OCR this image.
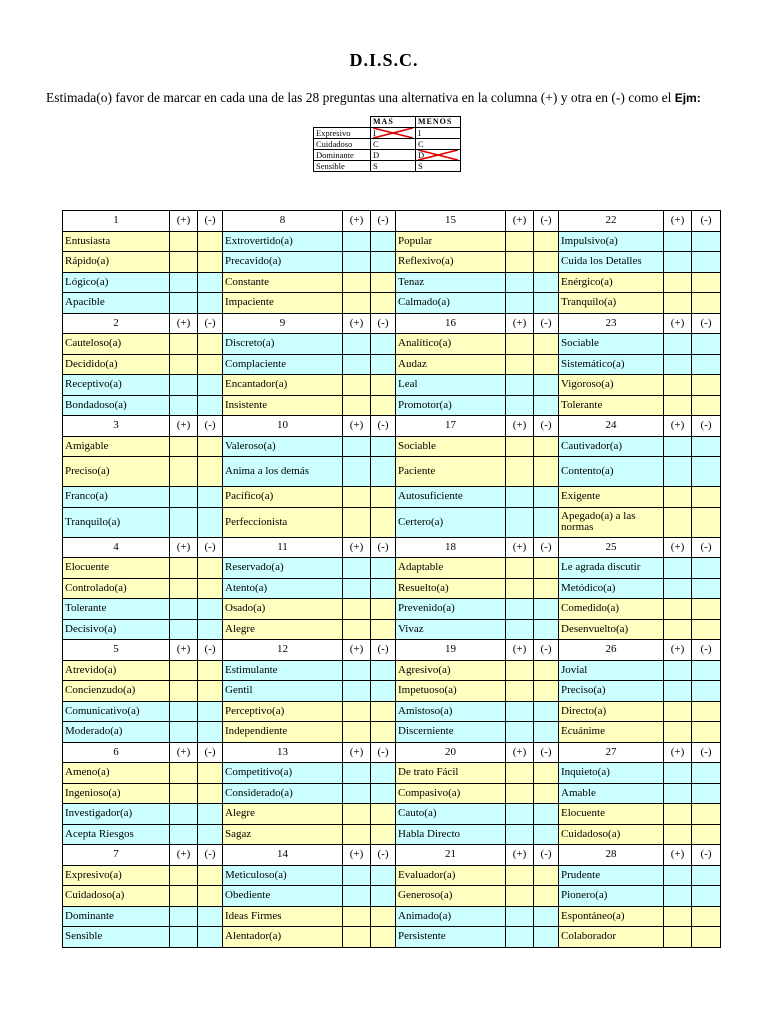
D.I.S.C.
Estimada(o) favor de marcar en cada una de las 28 preguntas una alternativa en la columna (+) y otra en (-) como el Ejm:
	MAS	MENOS
Expresivo	I	I
Cuidadoso	C	C
Dominante	D	D

Sensible	S	S
1	(+)	(-)	8	(+)	(-)	15	(+)	(-)	22	(+)	(-)
Entusiasta			Extrovertido(a)			Popular			Impulsivo(a)		
Rápido(a)			Precavido(a)			Reflexivo(a)			Cuida los Detalles		
Lógico(a)			Constante			Tenaz			Enérgico(a)		
Apacible			Impaciente			Calmado(a)			Tranquilo(a)		
2	(+)	(-)	9	(+)	(-)	16	(+)	(-)	23	(+)	(-)
Cauteloso(a)			Discreto(a)			Analítico(a)			Sociable		
Decidido(a)			Complaciente			Audaz			Sistemático(a)		
Receptivo(a)			Encantador(a)			Leal			Vigoroso(a)		
Bondadoso(a)			Insistente			Promotor(a)			Tolerante		
3	(+)	(-)	10	(+)	(-)	17	(+)	(-)	24	(+)	(-)
Amigable			Valeroso(a)			Sociable			Cautivador(a)		
Preciso(a)			Anima a los demás			Paciente			Contento(a)		
Franco(a)			Pacífico(a)			Autosuficiente			Exigente		
Tranquilo(a)			Perfeccionista			Certero(a)			Apegado(a) a las normas		
4	(+)	(-)	11	(+)	(-)	18	(+)	(-)	25	(+)	(-)
Elocuente			Reservado(a)			Adaptable			Le agrada discutir		
Controlado(a)			Atento(a)			Resuelto(a)			Metódico(a)		
Tolerante			Osado(a)			Prevenido(a)			Comedido(a)		
Decisivo(a)			Alegre			Vivaz			Desenvuelto(a)		
5	(+)	(-)	12	(+)	(-)	19	(+)	(-)	26	(+)	(-)
Atrevido(a)			Estimulante			Agresivo(a)			Jovial		
Concienzudo(a)			Gentil			Impetuoso(a)			Preciso(a)		
Comunicativo(a)			Perceptivo(a)			Amistoso(a)			Directo(a)		
Moderado(a)			Independiente			Discerniente			Ecuánime		
6	(+)	(-)	13	(+)	(-)	20	(+)	(-)	27	(+)	(-)
Ameno(a)			Competitivo(a)			De trato Fácil			Inquieto(a)		
Ingenioso(a)			Considerado(a)			Compasivo(a)			Amable		
Investigador(a)			Alegre			Cauto(a)			Elocuente		
Acepta Riesgos			Sagaz			Habla Directo			Cuidadoso(a)		
7	(+)	(-)	14	(+)	(-)	21	(+)	(-)	28	(+)	(-)
Expresivo(a)			Meticuloso(a)			Evaluador(a)			Prudente		
Cuidadoso(a)			Obediente			Generoso(a)			Pionero(a)		
Dominante			Ideas Firmes			Animado(a)			Espontáneo(a)		
Sensible			Alentador(a)			Persistente			Colaborador		
